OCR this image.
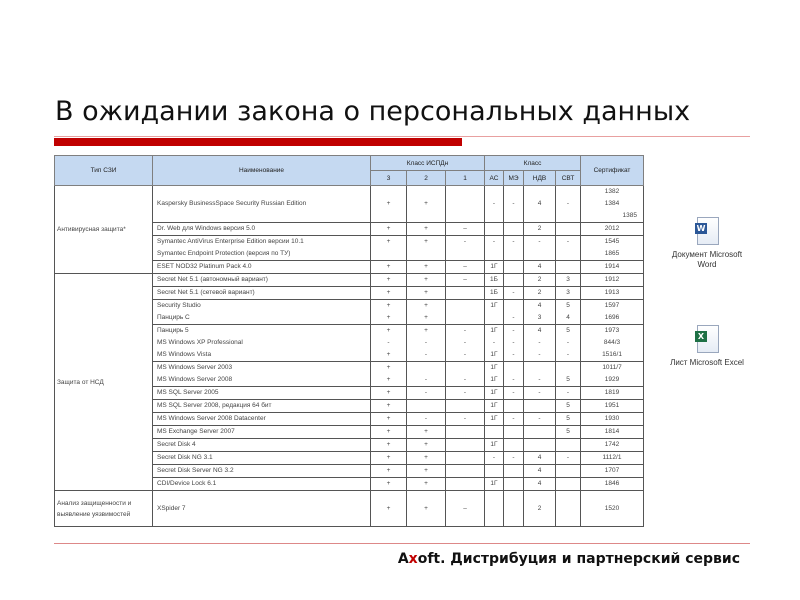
В ожидании закона о персональных данных
Тип СЗИ	Наименование	Класс ИСПДн			Класс				Сертификат
		3	2	1	АС	МЭ	НДВ	СВТ	
Антивирусная защита*	Kaspersky BusinessSpace Security Russian Edition	+	+		-	-	4	-	1382
1384
1385

	Dr. Web для Windows версия 5.0	+	+	–			2		2012

	Symantec AntiVirus Enterprise Edition версии 10.1	+	+	-	-	-	-	-	1545

	Symantec Endpoint Protection (версия по ТУ)								1865

	ESET NOD32 Platinum Pack 4.0	+	+	–	1Г		4		1914

Защита от НСД	Secret Net 5.1 (автономный вариант)	+	+	–	1Б		2	3	1912

	Secret Net 5.1 (сетевой вариант)	+	+		1Б	-	2	3	1913

	Security Studio	+	+		1Г		4	5	1597

	Панцирь С	+	+			-	3	4	1696

	Панцирь 5	+	+	-	1Г	-	4	5	1973

	MS Windows XP Professional	-	-	-	-	-	-	-	844/3

	MS Windows Vista	+	-	-	1Г	-	-	-	1516/1

	MS Windows Server 2003	+			1Г				1011/7

	MS Windows Server 2008	+	-	-	1Г	-	-	5	1929

	MS SQL Server 2005	+	-	-	1Г	-	-	-	1819

	MS SQL Server 2008, редакция 64 бит	+			1Г			5	1951

	MS Windows Server 2008 Datacenter	+	-	-	1Г	-	-	5	1930

	MS Exchange Server 2007	+	+					5	1814

	Secret Disk 4	+	+		1Г				1742

	Secret Disk NG 3.1	+	+		-	-	4	-	1112/1

	Secret Disk Server NG 3.2	+	+				4		1707

	CDI/Device Lock 6.1	+	+		1Г		4		1846

Анализ защищенности и выявление уязвимостей	XSpider 7	+	+	–			2		1520
W
Документ Microsoft Word
X
Лист Microsoft Excel
Axoft. Дистрибуция и партнерский сервис
